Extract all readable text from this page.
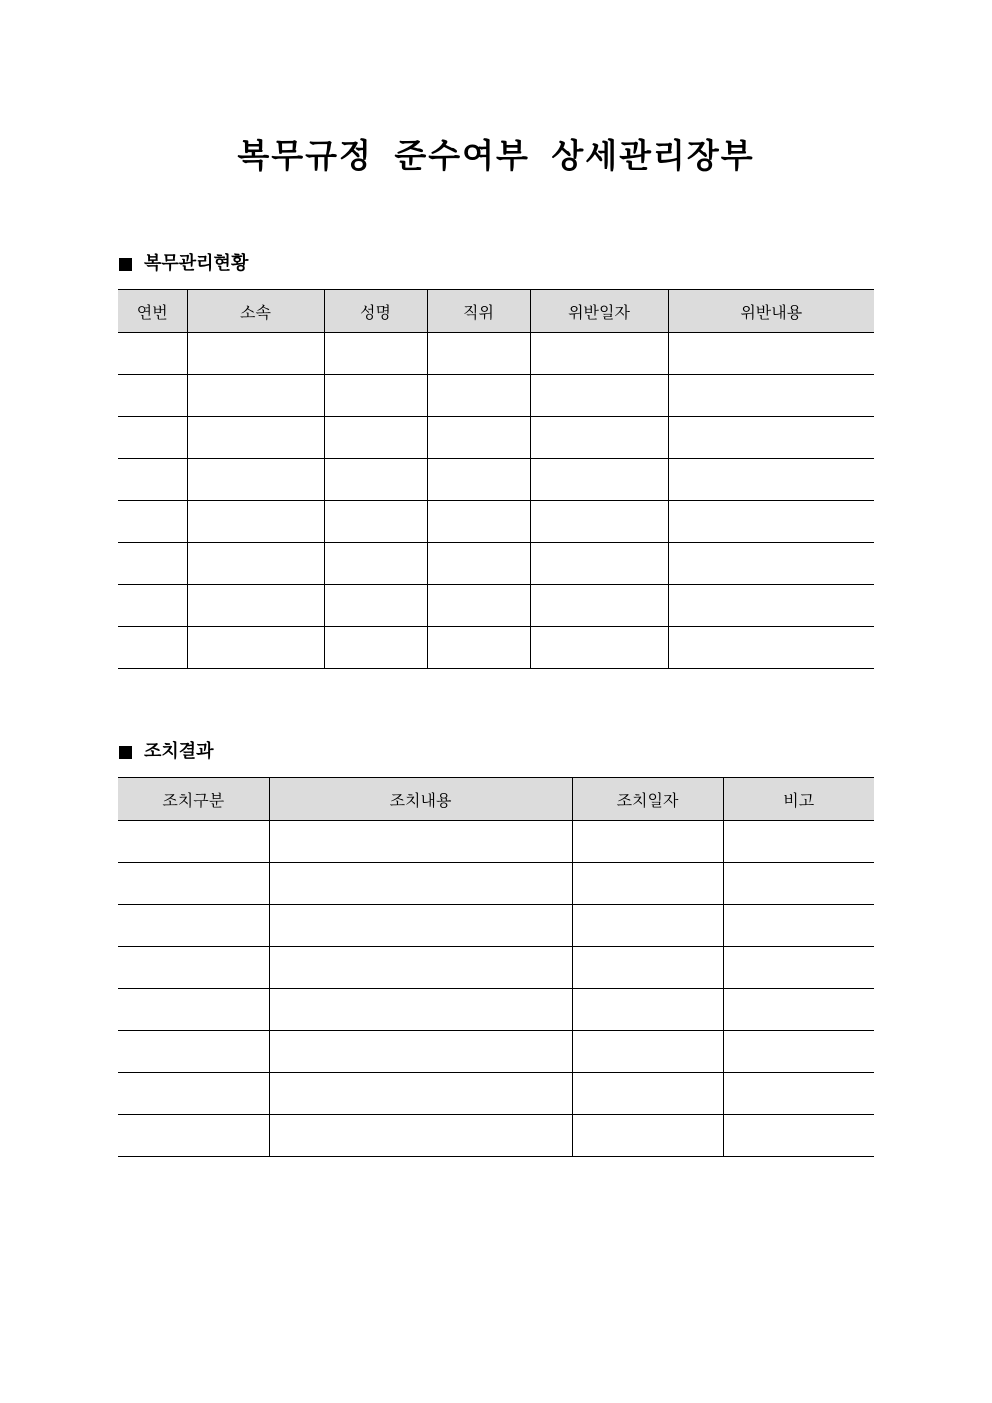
복무규정 준수여부 상세관리장부
복무관리현황
연번	소속	성명	직위	위반일자	위반내용

조치결과
조치구분	조치내용	조치일자	비고
